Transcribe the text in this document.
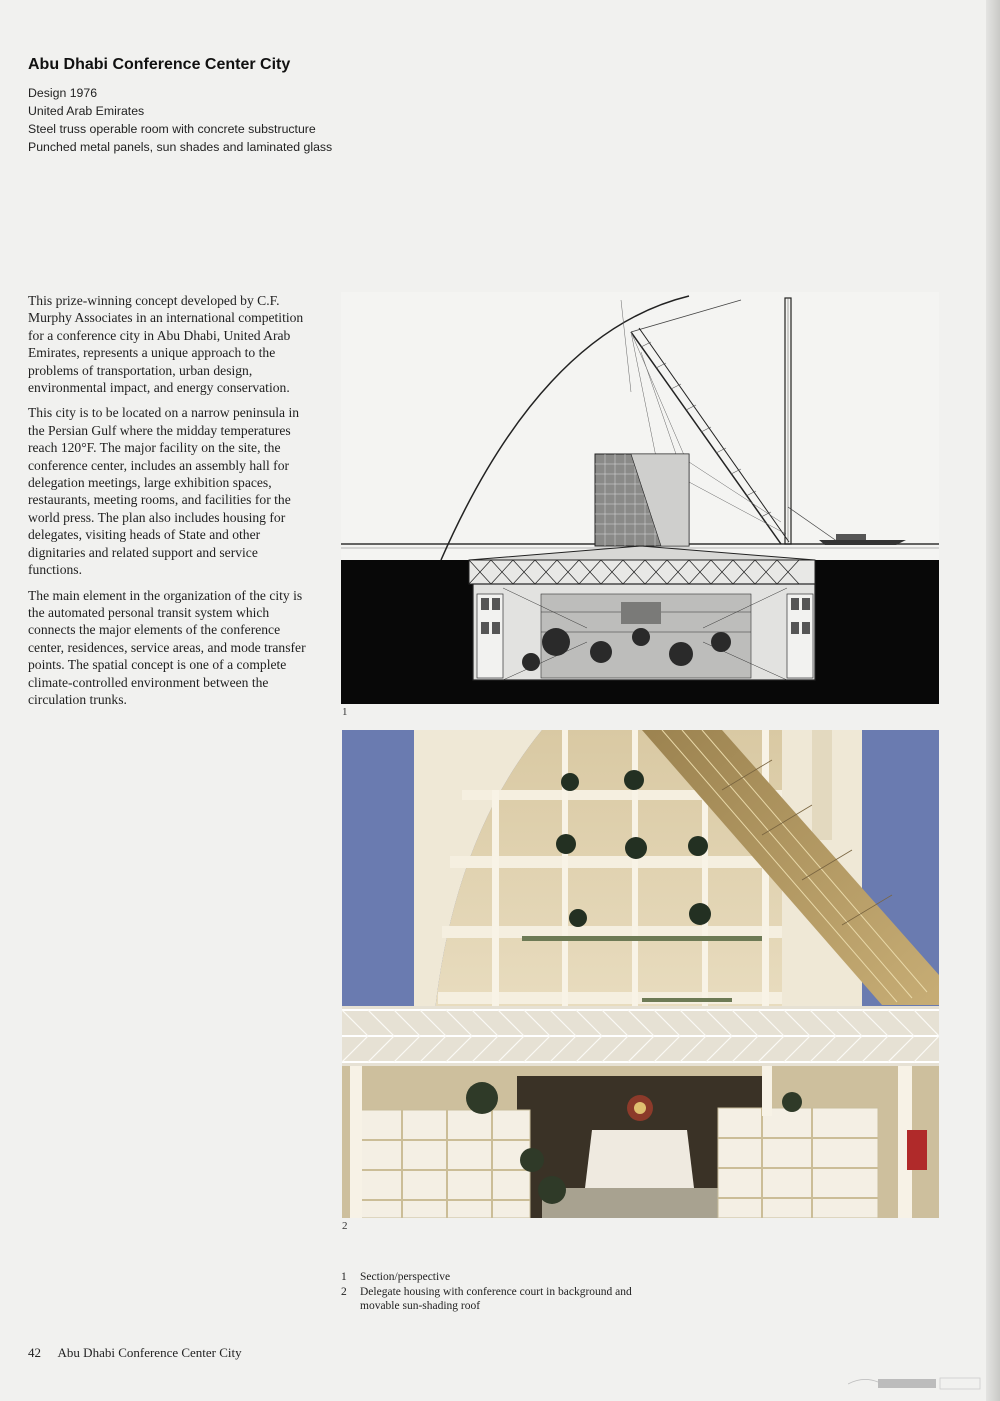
Abu Dhabi Conference Center City
Design 1976
United Arab Emirates
Steel truss operable room with concrete substructure
Punched metal panels, sun shades and laminated glass

This prize-winning concept developed by C.F. Murphy Associates in an international competition for a conference city in Abu Dhabi, United Arab Emirates, represents a unique approach to the problems of transportation, urban design, environmental impact, and energy conservation.

This city is to be located on a narrow peninsula in the Persian Gulf where the midday temperatures reach 120°F. The major facility on the site, the conference center, includes an assembly hall for delegation meetings, large exhibition spaces, restaurants, meeting rooms, and facilities for the world press. The plan also includes housing for delegates, visiting heads of State and other dignitaries and related support and service functions.

The main element in the organization of the city is the automated personal transit system which connects the major elements of the conference center, residences, service areas, and mode transfer points. The spatial concept is one of a complete climate-controlled environment between the circulation trunks.

1
2
1	Section/perspective
2	Delegate housing with conference court in background and movable sun-shading roof
42 Abu Dhabi Conference Center City
